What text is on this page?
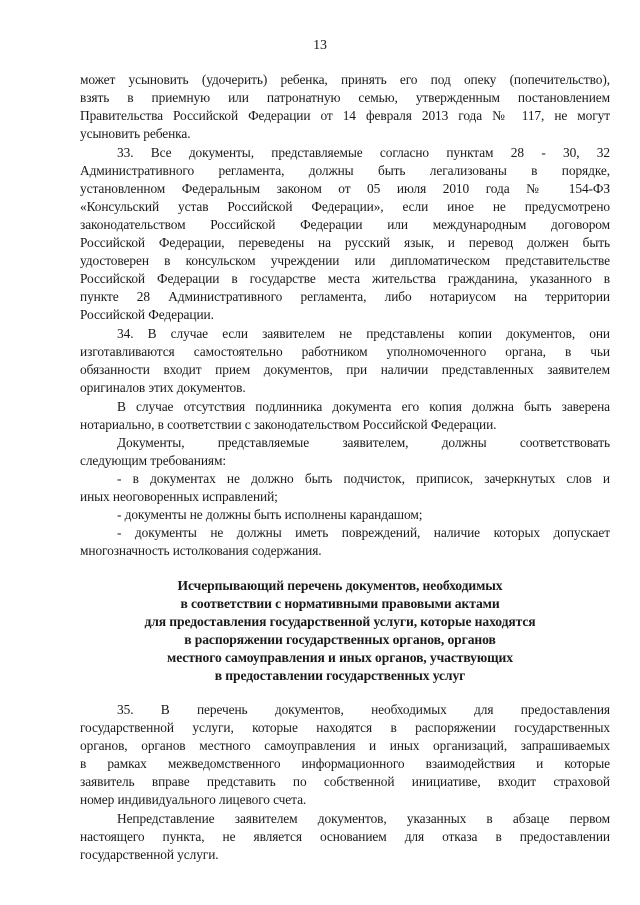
13
может усыновить (удочерить) ребенка, принять его под опеку (попечительство),
взять в приемную или патронатную семью, утвержденным постановлением
Правительства Российской Федерации от 14 февраля 2013 года № 117, не могут
усыновить ребенка.
33. Все документы, представляемые согласно пунктам 28 - 30, 32
Административного регламента, должны быть легализованы в порядке,
установленном Федеральным законом от 05 июля 2010 года № 154-ФЗ
«Консульский устав Российской Федерации», если иное не предусмотрено
законодательством Российской Федерации или международным договором
Российской Федерации, переведены на русский язык, и перевод должен быть
удостоверен в консульском учреждении или дипломатическом представительстве
Российской Федерации в государстве места жительства гражданина, указанного в
пункте 28 Административного регламента, либо нотариусом на территории
Российской Федерации.
34. В случае если заявителем не представлены копии документов, они
изготавливаются самостоятельно работником уполномоченного органа, в чьи
обязанности входит прием документов, при наличии представленных заявителем
оригиналов этих документов.
В случае отсутствия подлинника документа его копия должна быть заверена
нотариально, в соответствии с законодательством Российской Федерации.
Документы, представляемые заявителем, должны соответствовать
следующим требованиям:
- в документах не должно быть подчисток, приписок, зачеркнутых слов и
иных неоговоренных исправлений;
- документы не должны быть исполнены карандашом;
- документы не должны иметь повреждений, наличие которых допускает
многозначность истолкования содержания.
Исчерпывающий перечень документов, необходимых
в соответствии с нормативными правовыми актами
для предоставления государственной услуги, которые находятся
в распоряжении государственных органов, органов
местного самоуправления и иных органов, участвующих
в предоставлении государственных услуг
35. В перечень документов, необходимых для предоставления
государственной услуги, которые находятся в распоряжении государственных
органов, органов местного самоуправления и иных организаций, запрашиваемых
в рамках межведомственного информационного взаимодействия и которые
заявитель вправе представить по собственной инициативе, входит страховой
номер индивидуального лицевого счета.
Непредставление заявителем документов, указанных в абзаце первом
настоящего пункта, не является основанием для отказа в предоставлении
государственной услуги.
